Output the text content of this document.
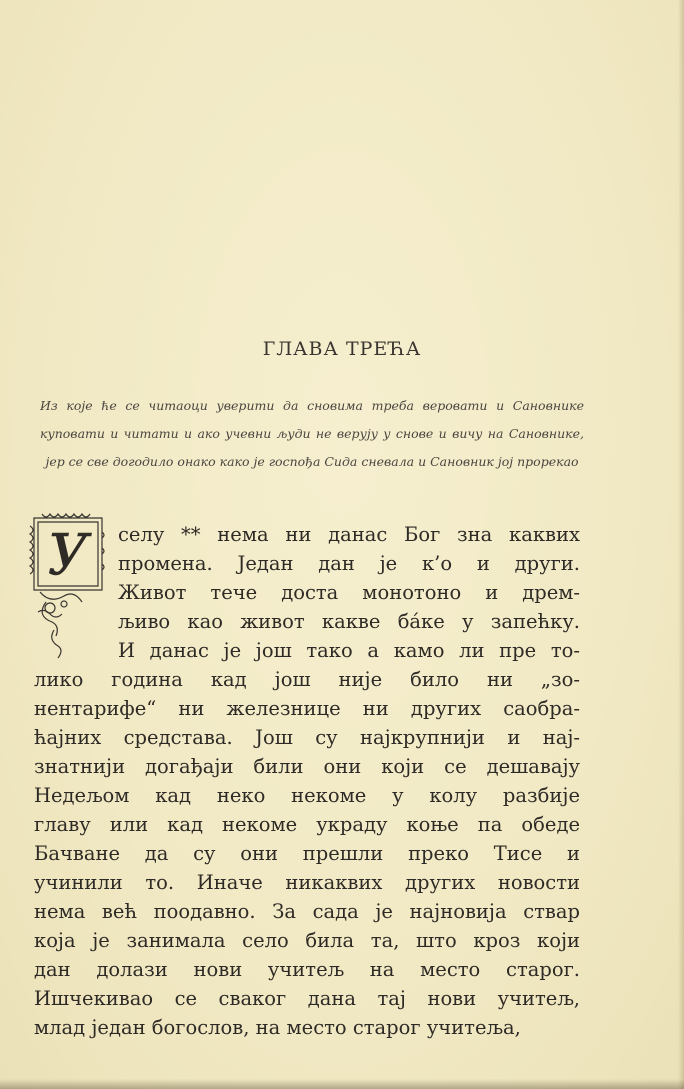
ГЛАВА ТРЕЋА
Из које ће се читаоци уверити да сновима треба веровати и Сановнике куповати и читати и ако учевни људи не верују у снове и вичу на Сановнике, јер се све догодило онако како је госпођа Сида сневала и Сановник јој прорекао
У	селу ** нема ни данас Бог зна каквих
промена. Један дан је к’о и други.
Живот тече доста монотоно и дрем-
љиво као живот какве ба́ке у запећку.
И данас је још тако а камо ли пре то-
лико година кад још није било ни „зо-
нентарифе“ ни железнице ни других саобра-
ћајних средстава. Још су најкрупнији и нај-
знатнији догађаји били они који се дешавају
Недељом кад неко некоме у колу разбије
главу или кад некоме украду коње па обеде
Бачване да су они прешли преко Тисе и
учинили то. Иначе никаквих других новости
нема већ поодавно. За сада је најновија ствар
која је занимала село била та, што кроз који
дан долази нови учитељ на место старог.
Ишчекивао се сваког дана тај нови учитељ,
млад један богослов, на место старог учитеља,
